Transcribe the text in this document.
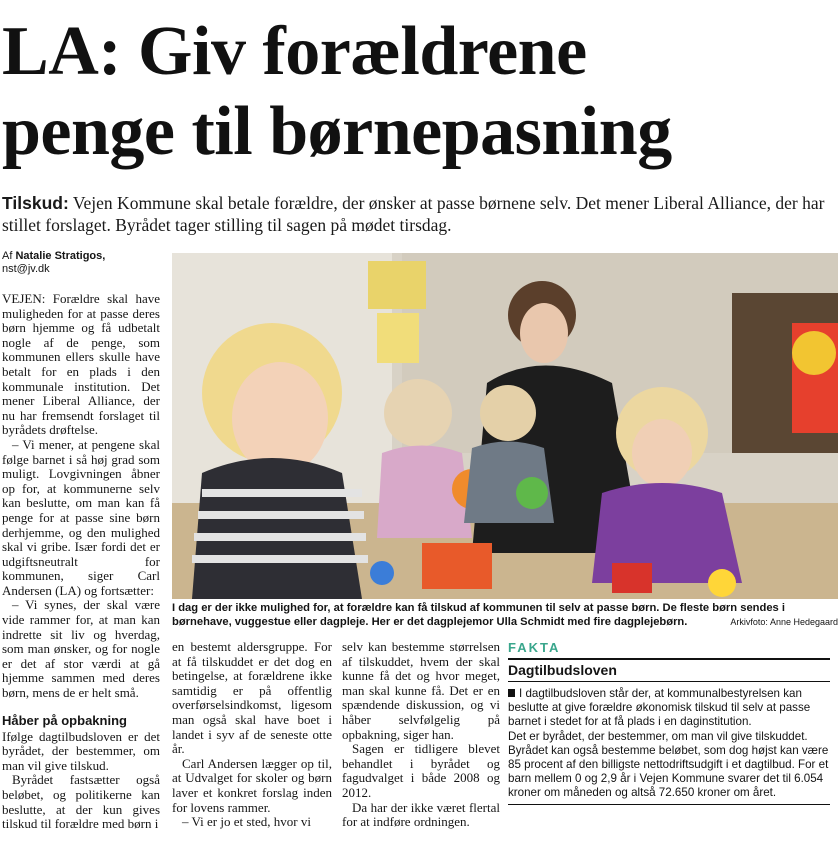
LA: Giv forældrene
penge til børnepasning

Tilskud: Vejen Kommune skal betale forældre, der ønsker at passe børnene selv. Det mener Liberal Alliance, der har stillet forslaget. Byrådet tager stilling til sagen på mødet tirsdag.

Af Natalie Stratigos,
nst@jv.dk

VEJEN: Forældre skal have muligheden for at passe deres børn hjemme og få udbetalt nogle af de penge, som kommunen ellers skulle have betalt for en plads i den kommunale institution. Det mener Liberal Alliance, der nu har fremsendt forslaget til byrådets drøftelse.

– Vi mener, at pengene skal følge barnet i så høj grad som muligt. Lovgivningen åbner op for, at kommunerne selv kan beslutte, om man kan få penge for at passe sine børn derhjemme, og den mulighed skal vi gribe. Især fordi det er udgiftsneutralt for kommunen, siger Carl Andersen (LA) og fortsætter:

– Vi synes, der skal være vide rammer for, at man kan indrette sit liv og hverdag, som man ønsker, og for nogle er det af stor værdi at gå hjemme sammen med deres børn, mens de er helt små.

Håber på opbakning

Ifølge dagtilbudsloven er det byrådet, der bestemmer, om man vil give tilskud.

Byrådet fastsætter også beløbet, og politikerne kan beslutte, at der kun gives tilskud til forældre med børn i

I dag er der ikke mulighed for, at forældre kan få tilskud af kommunen til selv at passe børn. De fleste børn sendes i børnehave, vuggestue eller dagpleje. Her er det dagplejemor Ulla Schmidt med fire dagplejebørn.	Arkivfoto: Anne Hedegaard

en bestemt aldersgruppe. For at få tilskuddet er det dog en betingelse, at forældrene ikke samtidig er på offentlig overførselsindkomst, ligesom man også skal have boet i landet i syv af de seneste otte år.

Carl Andersen lægger op til, at Udvalget for skoler og børn laver et konkret forslag inden for lovens rammer.

– Vi er jo et sted, hvor vi

selv kan bestemme størrelsen af tilskuddet, hvem der skal kunne få det og hvor meget, man skal kunne få. Det er en spændende diskussion, og vi håber selvfølgelig på opbakning, siger han.

Sagen er tidligere blevet behandlet i byrådet og fagudvalget i både 2008 og 2012.

Da har der ikke været flertal for at indføre ordningen.

FAKTA
Dagtilbudsloven

I dagtilbudsloven står der, at kommunalbestyrelsen kan beslutte at give forældre økonomisk tilskud til selv at passe barnet i stedet for at få plads i en daginstitution.

Det er byrådet, der bestemmer, om man vil give tilskuddet. Byrådet kan også bestemme beløbet, som dog højst kan være 85 procent af den billigste nettodriftsudgift i et dagtilbud. For et barn mellem 0 og 2,9 år i Vejen Kommune svarer det til 6.054 kroner om måneden og altså 72.650 kroner om året.
